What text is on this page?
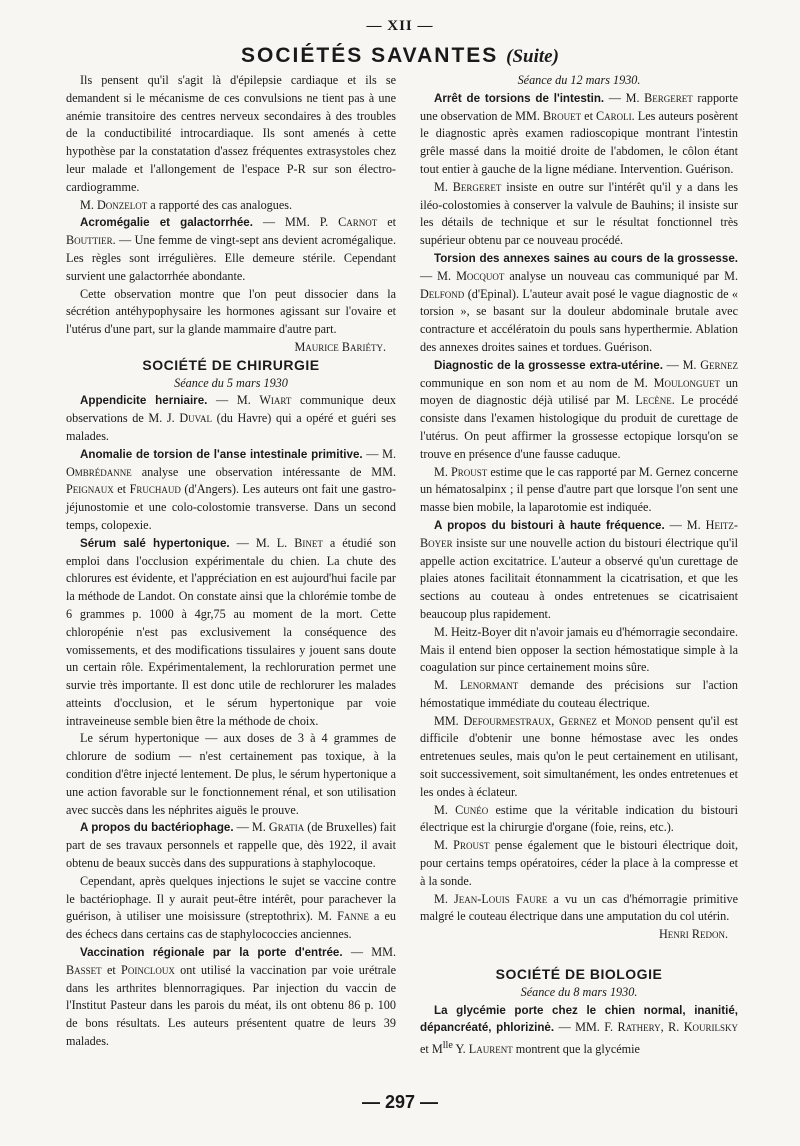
— XII —
SOCIÉTÉS SAVANTES (Suite)

Ils pensent qu'il s'agit là d'épilepsie cardiaque et ils se demandent si le mécanisme de ces convulsions ne tient pas à une anémie transitoire des centres nerveux secondaires à des troubles de la conductibilité introcardiaque. Ils sont amenés à cette hypothèse par la constatation d'assez fréquentes extrasystoles chez leur malade et l'allongement de l'espace P-R sur son électro-cardiogramme.

M. Donzelot a rapporté des cas analogues.

Acromégalie et galactorrhée. — MM. P. Carnot et Bouttier. — Une femme de vingt-sept ans devient acromégalique. Les règles sont irrégulières. Elle demeure stérile. Cependant survient une galactorrhée abondante.

Cette observation montre que l'on peut dissocier dans la sécrétion antéhypophysaire les hormones agissant sur l'ovaire et l'utérus d'une part, sur la glande mammaire d'autre part.

Maurice Bariéty.

SOCIÉTÉ DE CHIRURGIE

Séance du 5 mars 1930

Appendicite herniaire. — M. Wiart communique deux observations de M. J. Duval (du Havre) qui a opéré et guéri ses malades.

Anomalie de torsion de l'anse intestinale primitive. — M. Ombrédanne analyse une observation intéressante de MM. Peignaux et Fruchaud (d'Angers). Les auteurs ont fait une gastro-jéjunostomie et une colo-colostomie transverse. Dans un second temps, colopexie.

Sérum salé hypertonique. — M. L. Binet a étudié son emploi dans l'occlusion expérimentale du chien. La chute des chlorures est évidente, et l'appréciation en est aujourd'hui facile par la méthode de Landot. On constate ainsi que la chlorémie tombe de 6 grammes p. 1000 à 4gr,75 au moment de la mort. Cette chloropénie n'est pas exclusivement la conséquence des vomissements, et des modifications tissulaires y jouent sans doute un certain rôle. Expérimentalement, la rechloruration permet une survie très importante. Il est donc utile de rechlorurer les malades atteints d'occlusion, et le sérum hypertonique par voie intraveineuse semble bien être la méthode de choix.

Le sérum hypertonique — aux doses de 3 à 4 grammes de chlorure de sodium — n'est certainement pas toxique, à la condition d'être injecté lentement. De plus, le sérum hypertonique a une action favorable sur le fonctionnement rénal, et son utilisation avec succès dans les néphrites aiguës le prouve.

A propos du bactériophage. — M. Gratia (de Bruxelles) fait part de ses travaux personnels et rappelle que, dès 1922, il avait obtenu de beaux succès dans des suppurations à staphylocoque.

Cependant, après quelques injections le sujet se vaccine contre le bactériophage. Il y aurait peut-être intérêt, pour parachever la guérison, à utiliser une moisissure (streptothrix). M. Fanne a eu des échecs dans certains cas de staphylococcies anciennes.

Vaccination régionale par la porte d'entrée. — MM. Basset et Poincloux ont utilisé la vaccination par voie urétrale dans les arthrites blennorragiques. Par injection du vaccin de l'Institut Pasteur dans les parois du méat, ils ont obtenu 86 p. 100 de bons résultats. Les auteurs présentent quatre de leurs 39 malades.

Séance du 12 mars 1930.

Arrêt de torsions de l'intestin. — M. Bergeret rapporte une observation de MM. Brouet et Caroli. Les auteurs posèrent le diagnostic après examen radioscopique montrant l'intestin grêle massé dans la moitié droite de l'abdomen, le côlon étant tout entier à gauche de la ligne médiane. Intervention. Guérison.

M. Bergeret insiste en outre sur l'intérêt qu'il y a dans les iléo-colostomies à conserver la valvule de Bauhins; il insiste sur les détails de technique et sur le résultat fonctionnel très supérieur obtenu par ce nouveau procédé.

Torsion des annexes saines au cours de la grossesse. — M. Mocquot analyse un nouveau cas communiqué par M. Delfond (d'Epinal). L'auteur avait posé le vague diagnostic de « torsion », se basant sur la douleur abdominale brutale avec contracture et accélératoin du pouls sans hyperthermie. Ablation des annexes droites saines et tordues. Guérison.

Diagnostic de la grossesse extra-utérine. — M. Gernez communique en son nom et au nom de M. Moulonguet un moyen de diagnostic déjà utilisé par M. Lecène. Le procédé consiste dans l'examen histologique du produit de curettage de l'utérus. On peut affirmer la grossesse ectopique lorsqu'on se trouve en présence d'une fausse caduque.

M. Proust estime que le cas rapporté par M. Gernez concerne un hématosalpinx ; il pense d'autre part que lorsque l'on sent une masse bien mobile, la laparotomie est indiquée.

A propos du bistouri à haute fréquence. — M. Heitz-Boyer insiste sur une nouvelle action du bistouri électrique qu'il appelle action excitatrice. L'auteur a observé qu'un curettage de plaies atones facilitait étonnamment la cicatrisation, et que les sections au couteau à ondes entretenues se cicatrisaient beaucoup plus rapidement.

M. Heitz-Boyer dit n'avoir jamais eu d'hémorragie secondaire. Mais il entend bien opposer la section hémostatique simple à la coagulation sur pince certainement moins sûre.

M. Lenormant demande des précisions sur l'action hémostatique immédiate du couteau électrique.

MM. Defourmestraux, Gernez et Monod pensent qu'il est difficile d'obtenir une bonne hémostase avec les ondes entretenues seules, mais qu'on le peut certainement en utilisant, soit successivement, soit simultanément, les ondes entretenues et les ondes à éclateur.

M. Cunéo estime que la véritable indication du bistouri électrique est la chirurgie d'organe (foie, reins, etc.).

M. Proust pense également que le bistouri électrique doit, pour certains temps opératoires, céder la place à la compresse et à la sonde.

M. Jean-Louis Faure a vu un cas d'hémorragie primitive malgré le couteau électrique dans une amputation du col utérin.

Henri Redon.

SOCIÉTÉ DE BIOLOGIE

Séance du 8 mars 1930.

La glycémie porte chez le chien normal, inanitié, dépancréaté, phlorizinė. — MM. F. Rathery, R. Kourilsky et $M^{lle}$ Y. Laurent montrent que la glycémie

— 297 —
